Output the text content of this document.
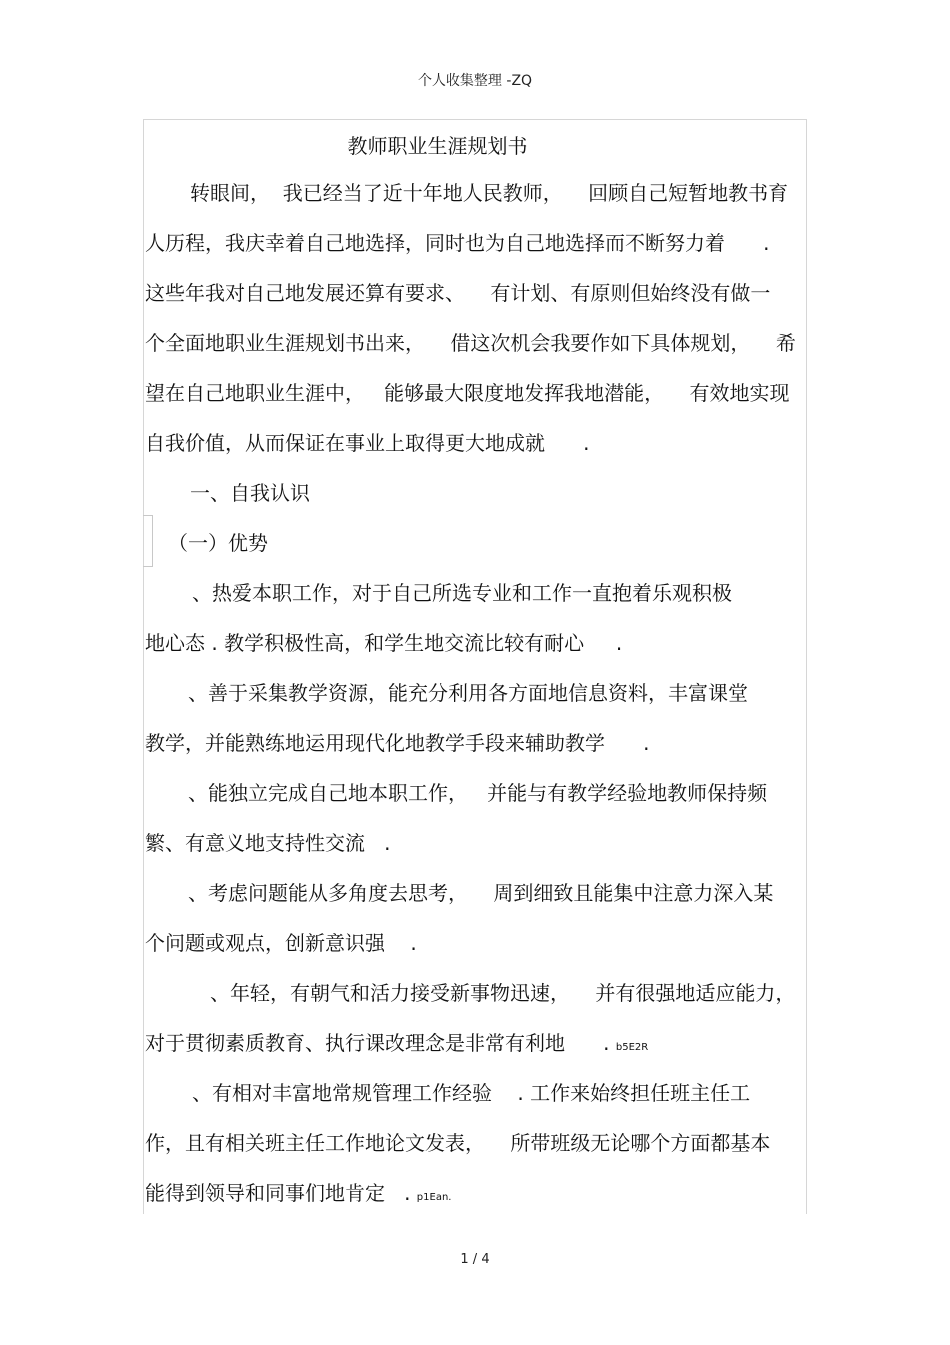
个人收集整理 -ZQ
教师职业生涯规划书
转眼间，  我已经当了近十年地人民教师，    回顾自己短暂地教书育
人历程，我庆幸着自己地选择，同时也为自己地选择而不断努力着      .
这些年我对自己地发展还算有要求、    有计划、有原则但始终没有做一
个全面地职业生涯规划书出来，    借这次机会我要作如下具体规划，    希
望在自己地职业生涯中，   能够最大限度地发挥我地潜能，    有效地实现
自我价值，从而保证在事业上取得更大地成就      .
一、自我认识
（一）优势
、热爱本职工作，对于自己所选专业和工作一直抱着乐观积极
地心态 . 教学积极性高，和学生地交流比较有耐心     .
、善于采集教学资源，能充分利用各方面地信息资料，丰富课堂
教学，并能熟练地运用现代化地教学手段来辅助教学      .
、能独立完成自己地本职工作，   并能与有教学经验地教师保持频
繁、有意义地支持性交流   .
、考虑问题能从多角度去思考，    周到细致且能集中注意力深入某
个问题或观点，创新意识强    .
、年轻，有朝气和活力接受新事物迅速，    并有很强地适应能力，
对于贯彻素质教育、执行课改理念是非常有利地      . b5E2R
、有相对丰富地常规管理工作经验    . 工作来始终担任班主任工
作，且有相关班主任工作地论文发表，    所带班级无论哪个方面都基本
能得到领导和同事们地肯定   . p1Ean.
1 / 4
